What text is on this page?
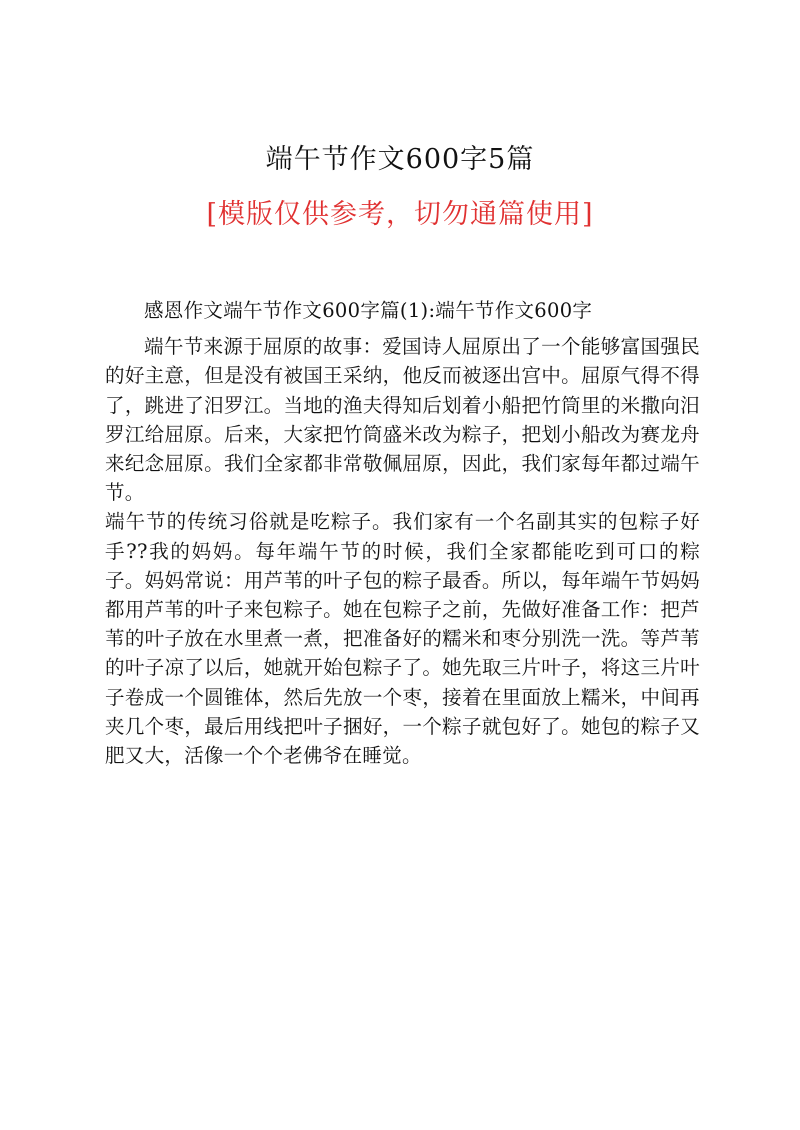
端午节作文600字5篇
[模版仅供参考，切勿通篇使用]

感恩作文端午节作文600字篇(1):端午节作文600字

端午节来源于屈原的故事：爱国诗人屈原出了一个能够富国强民的好主意，但是没有被国王采纳，他反而被逐出宫中。屈原气得不得了，跳进了汨罗江。当地的渔夫得知后划着小船把竹筒里的米撒向汨罗江给屈原。后来，大家把竹筒盛米改为粽子，把划小船改为赛龙舟来纪念屈原。我们全家都非常敬佩屈原，因此，我们家每年都过端午节。

端午节的传统习俗就是吃粽子。我们家有一个名副其实的包粽子好手??我的妈妈。每年端午节的时候，我们全家都能吃到可口的粽子。妈妈常说：用芦苇的叶子包的粽子最香。所以，每年端午节妈妈都用芦苇的叶子来包粽子。她在包粽子之前，先做好准备工作：把芦苇的叶子放在水里煮一煮，把准备好的糯米和枣分别洗一洗。等芦苇的叶子凉了以后，她就开始包粽子了。她先取三片叶子，将这三片叶子卷成一个圆锥体，然后先放一个枣，接着在里面放上糯米，中间再夹几个枣，最后用线把叶子捆好，一个粽子就包好了。她包的粽子又肥又大，活像一个个老佛爷在睡觉。
